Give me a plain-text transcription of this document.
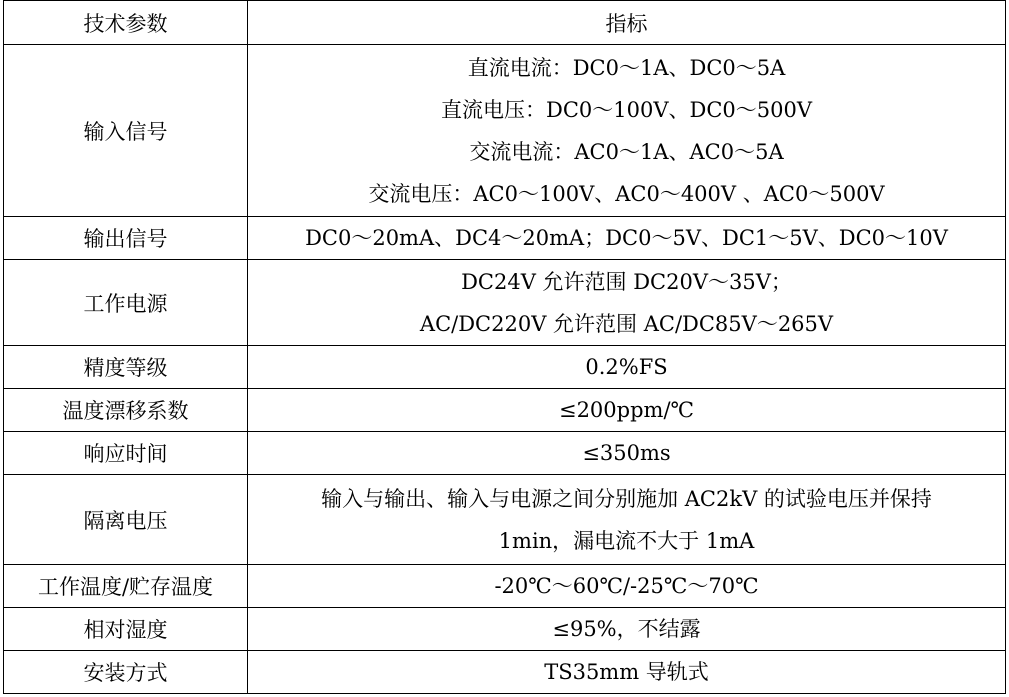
技术参数	指标
输入信号	直流电流：DC0～1A、DC0～5A
直流电压：DC0～100V、DC0～500V
交流电流：AC0～1A、AC0～5A
交流电压：AC0～100V、AC0～400V 、AC0～500V

输出信号	DC0～20mA、DC4～20mA；DC0～5V、DC1～5V、DC0～10V

工作电源	DC24V 允许范围 DC20V～35V；
AC/DC220V 允许范围 AC/DC85V～265V

精度等级	0.2%FS

温度漂移系数	≤200ppm/℃

响应时间	≤350ms

隔离电压	输入与输出、输入与电源之间分别施加 AC2kV 的试验电压并保持
1min，漏电流不大于 1mA

工作温度/贮存温度	-20℃～60℃/-25℃～70℃

相对湿度	≤95%，不结露

安装方式	TS35mm 导轨式
